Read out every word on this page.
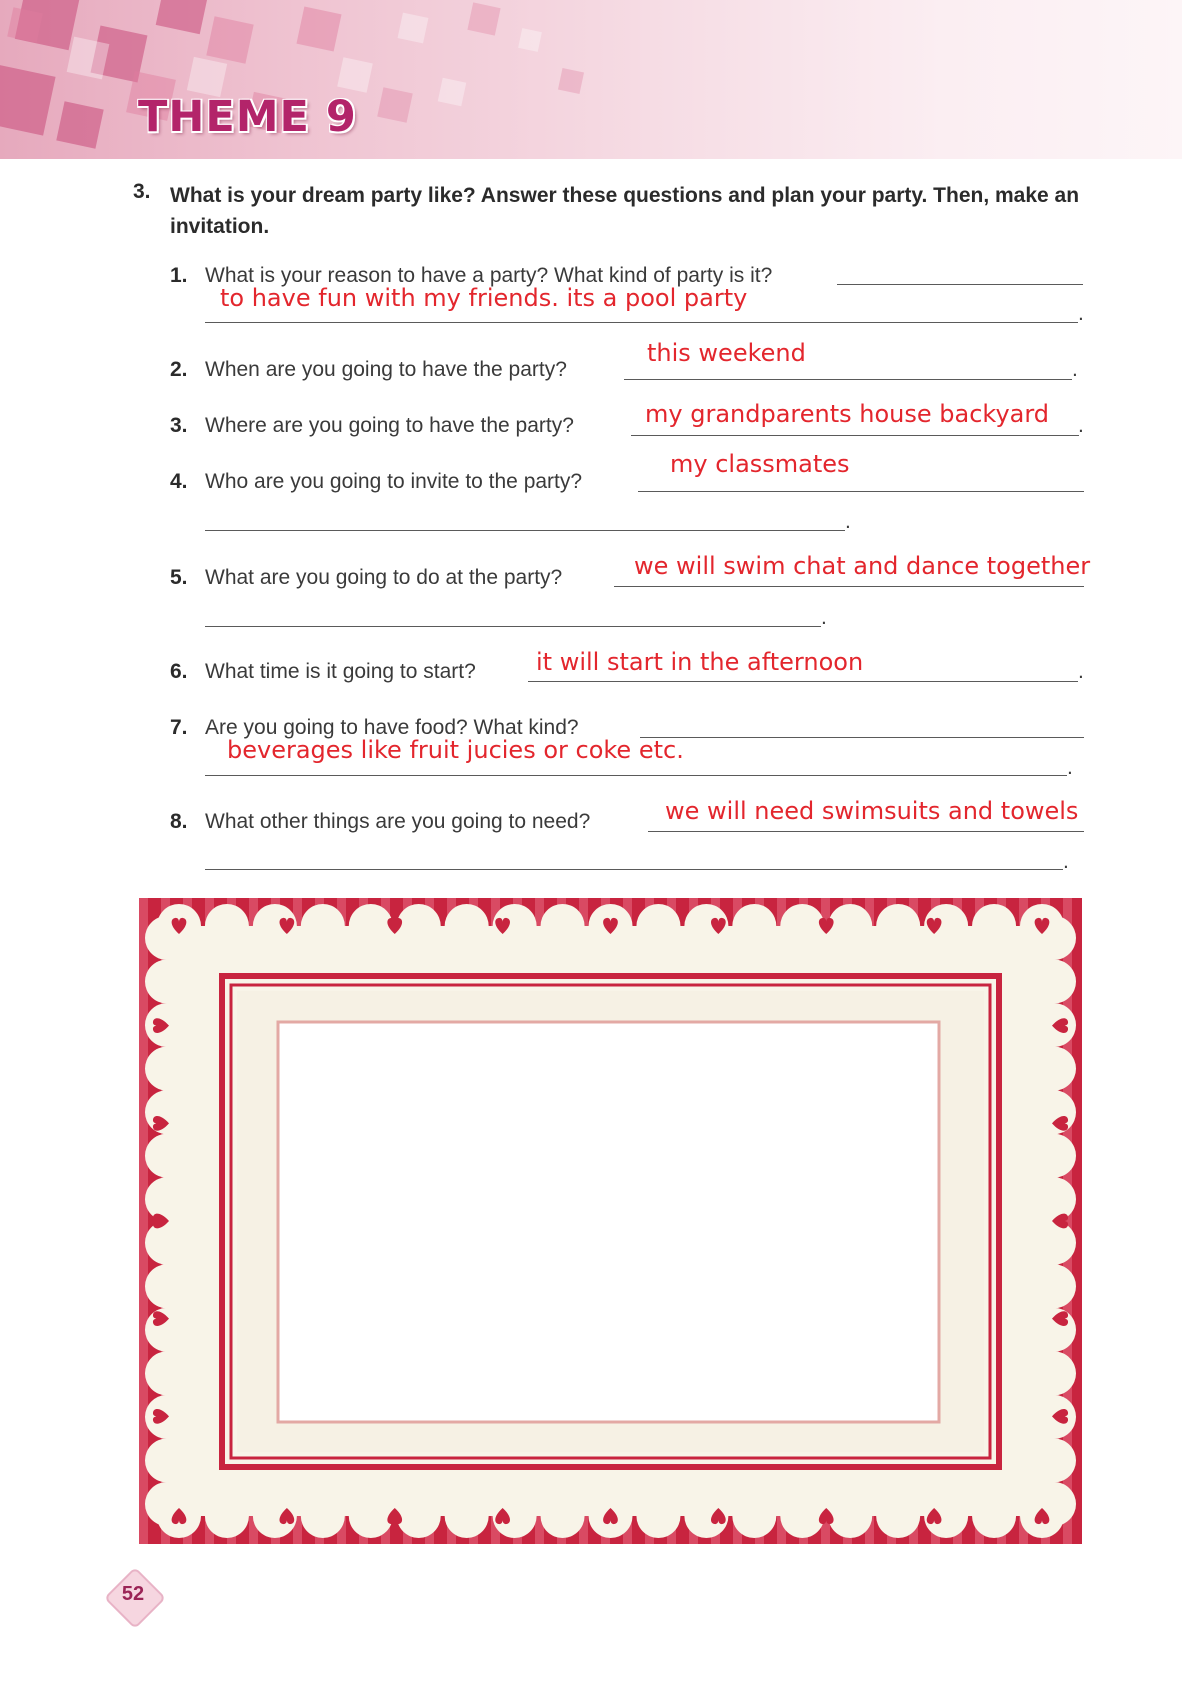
THEME 9
3. What is your dream party like? Answer these questions and plan your party. Then, make an invitation.
1. What is your reason to have a party? What kind of party is it?
.
to have fun with my friends. its a pool party
2. When are you going to have the party?	.
this weekend
3. Where are you going to have the party?	.
my grandparents house backyard
4. Who are you going to invite to the party?
.
my classmates
5. What are you going to do at the party?
.
we will swim chat and dance together
6. What time is it going to start?	.
it will start in the afternoon
7. Are you going to have food? What kind?
.
beverages like fruit jucies or coke etc.
8. What other things are you going to need?
.
we will need swimsuits and towels
52
